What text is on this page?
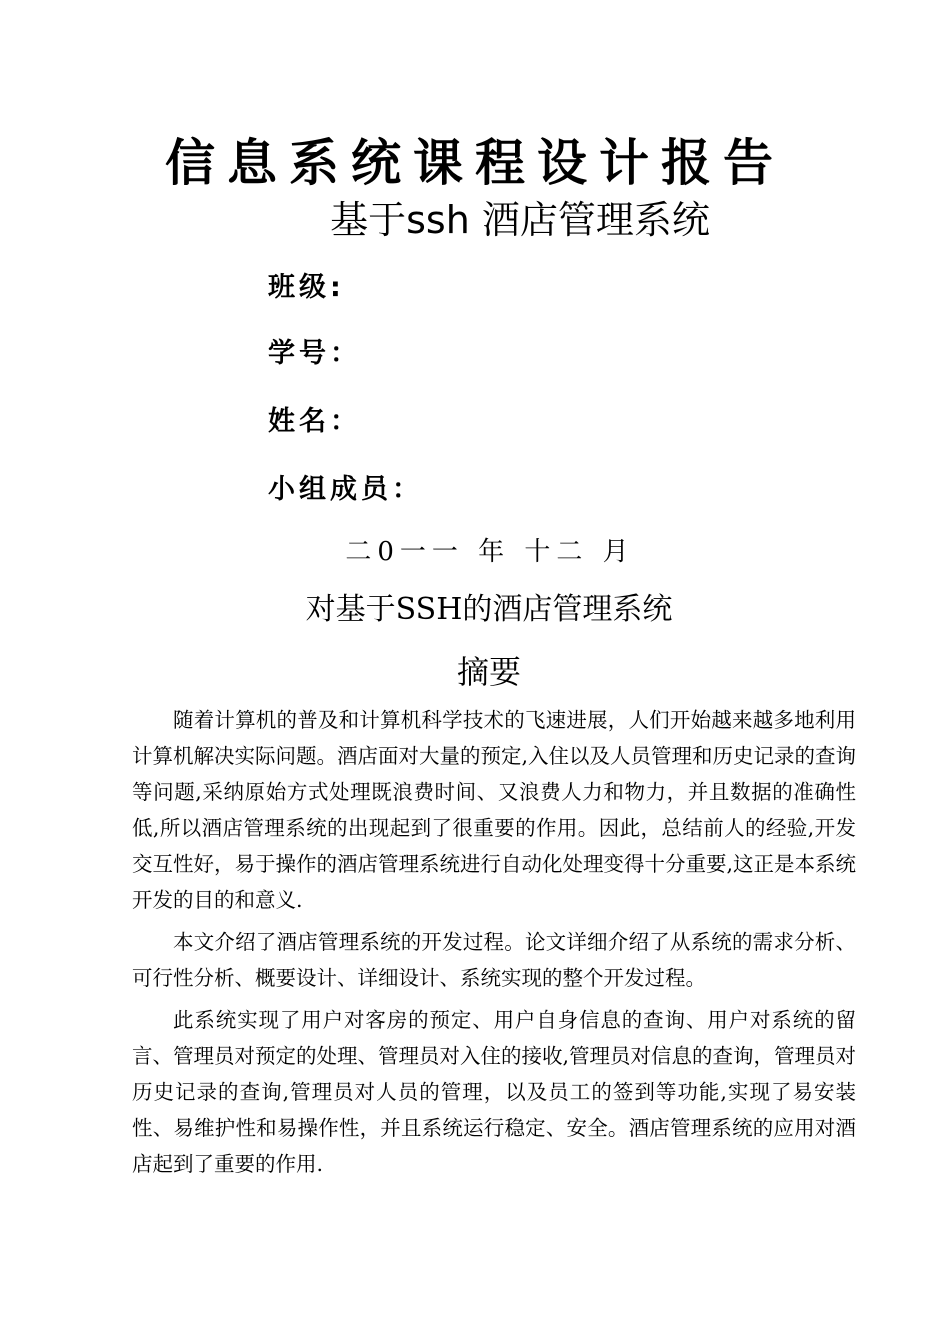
信息系统课程设计报告
基于ssh 酒店管理系统
班级:
学号：
姓名：
小组成员：
二0一一 年 十二 月
对基于SSH的酒店管理系统
摘要

随着计算机的普及和计算机科学技术的飞速进展，人们开始越来越多地利用计算机解决实际问题。酒店面对大量的预定,入住以及人员管理和历史记录的查询等问题,采纳原始方式处理既浪费时间、又浪费人力和物力，并且数据的准确性低,所以酒店管理系统的出现起到了很重要的作用。因此，总结前人的经验,开发交互性好，易于操作的酒店管理系统进行自动化处理变得十分重要,这正是本系统开发的目的和意义.

本文介绍了酒店管理系统的开发过程。论文详细介绍了从系统的需求分析、可行性分析、概要设计、详细设计、系统实现的整个开发过程。

此系统实现了用户对客房的预定、用户自身信息的查询、用户对系统的留言、管理员对预定的处理、管理员对入住的接收,管理员对信息的查询，管理员对历史记录的查询,管理员对人员的管理，以及员工的签到等功能,实现了易安装性、易维护性和易操作性，并且系统运行稳定、安全。酒店管理系统的应用对酒店起到了重要的作用.
